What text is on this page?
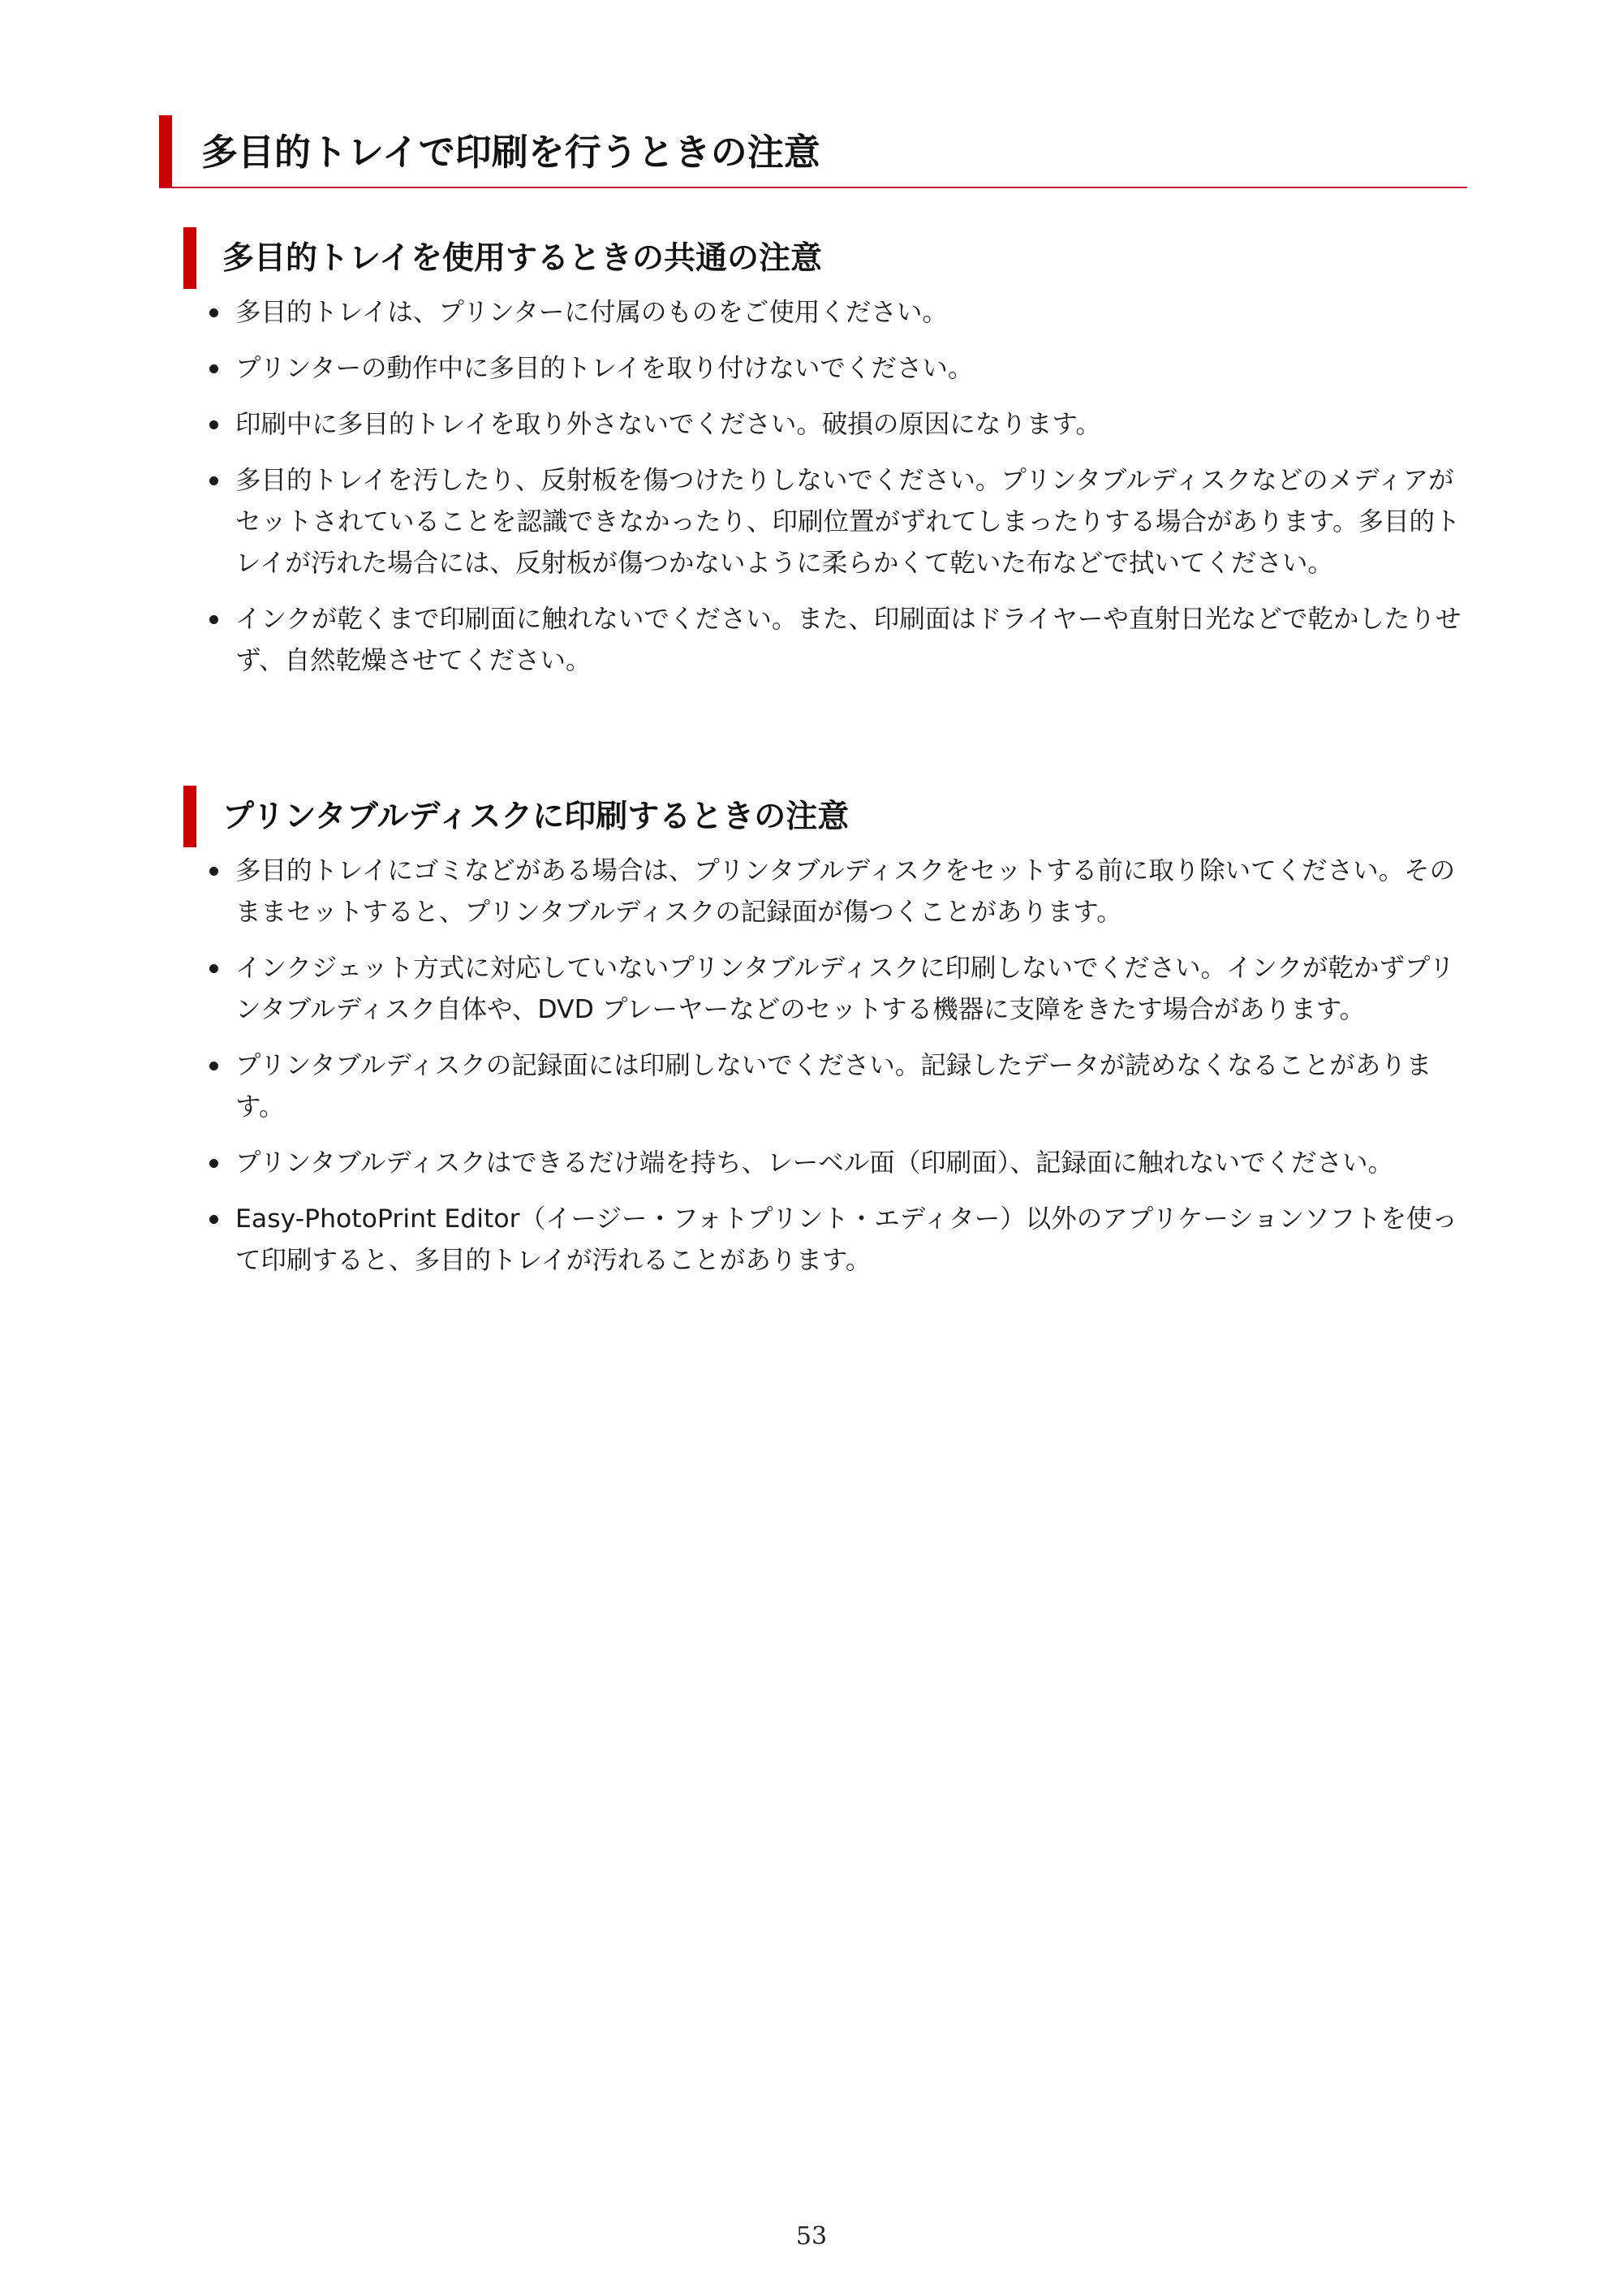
多目的トレイで印刷を行うときの注意
多目的トレイを使用するときの共通の注意
多目的トレイは、プリンターに付属のものをご使用ください。
プリンターの動作中に多目的トレイを取り付けないでください。
印刷中に多目的トレイを取り外さないでください。破損の原因になります。
多目的トレイを汚したり、反射板を傷つけたりしないでください。プリンタブルディスクなどのメディアがセットされていることを認識できなかったり、印刷位置がずれてしまったりする場合があります。多目的トレイが汚れた場合には、反射板が傷つかないように柔らかくて乾いた布などで拭いてください。
インクが乾くまで印刷面に触れないでください。また、印刷面はドライヤーや直射日光などで乾かしたりせず、自然乾燥させてください。
プリンタブルディスクに印刷するときの注意
多目的トレイにゴミなどがある場合は、プリンタブルディスクをセットする前に取り除いてください。そのままセットすると、プリンタブルディスクの記録面が傷つくことがあります。
インクジェット方式に対応していないプリンタブルディスクに印刷しないでください。インクが乾かずプリンタブルディスク自体や、DVD プレーヤーなどのセットする機器に支障をきたす場合があります。
プリンタブルディスクの記録面には印刷しないでください。記録したデータが読めなくなることがあります。
プリンタブルディスクはできるだけ端を持ち、レーベル面（印刷面）、記録面に触れないでください。
Easy-PhotoPrint Editor（イージー・フォトプリント・エディター）以外のアプリケーションソフトを使って印刷すると、多目的トレイが汚れることがあります。
53
